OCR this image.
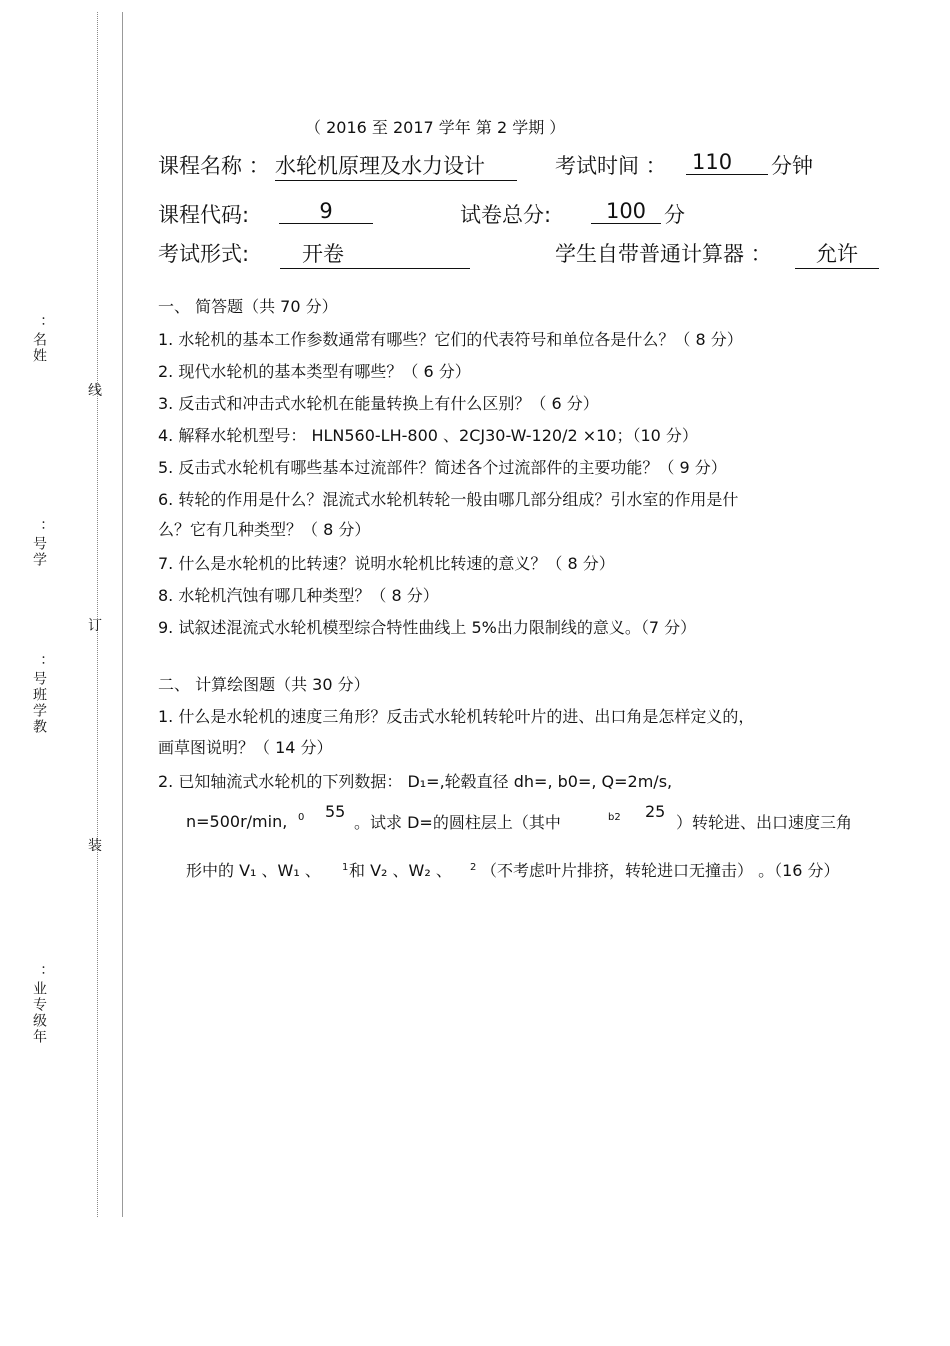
：名姓
：号学
：号班学教
：业专级年
线
订
装
（ 2016 至 2017 学年 第 2 学期 ）
课程名称 ： 水轮机原理及水力设计	考试时间 ： 110	分钟
课程代码:	9	试卷总分:	100 分
考试形式:	开卷	学生自带普通计算器 ：	允许
一、 简答题（共 70 分）
1. 水轮机的基本工作参数通常有哪些？它们的代表符号和单位各是什么？（ 8 分）
2. 现代水轮机的基本类型有哪些？（ 6 分）
3. 反击式和冲击式水轮机在能量转换上有什么区别？（ 6 分）
4. 解释水轮机型号： HLN560-LH-800 、2CJ30-W-120/2 ×10；（10 分）
5. 反击式水轮机有哪些基本过流部件？简述各个过流部件的主要功能？（ 9 分）
6. 转轮的作用是什么？混流式水轮机转轮一般由哪几部分组成？引水室的作用是什
么？它有几种类型？（ 8 分）
7. 什么是水轮机的比转速？说明水轮机比转速的意义？（ 8 分）
8. 水轮机汽蚀有哪几种类型？（ 8 分）
9. 试叙述混流式水轮机模型综合特性曲线上 5%出力限制线的意义。（7 分）
二、 计算绘图题（共 30 分）
1. 什么是水轮机的速度三角形？反击式水轮机转轮叶片的进、出口角是怎样定义的，
画草图说明？（ 14 分）
2. 已知轴流式水轮机的下列数据： D₁=,轮毂直径 dh=, b0=, Q=2m/s,
n=500r/min, 0 55
。试求 D=的圆柱层上（其中	b2 25
）转轮进、出口速度三角
形中的 V₁ 、W₁ 、 1 和 V₂ 、W₂ 、 2 （不考虑叶片排挤，转轮进口无撞击） 。（16 分）
